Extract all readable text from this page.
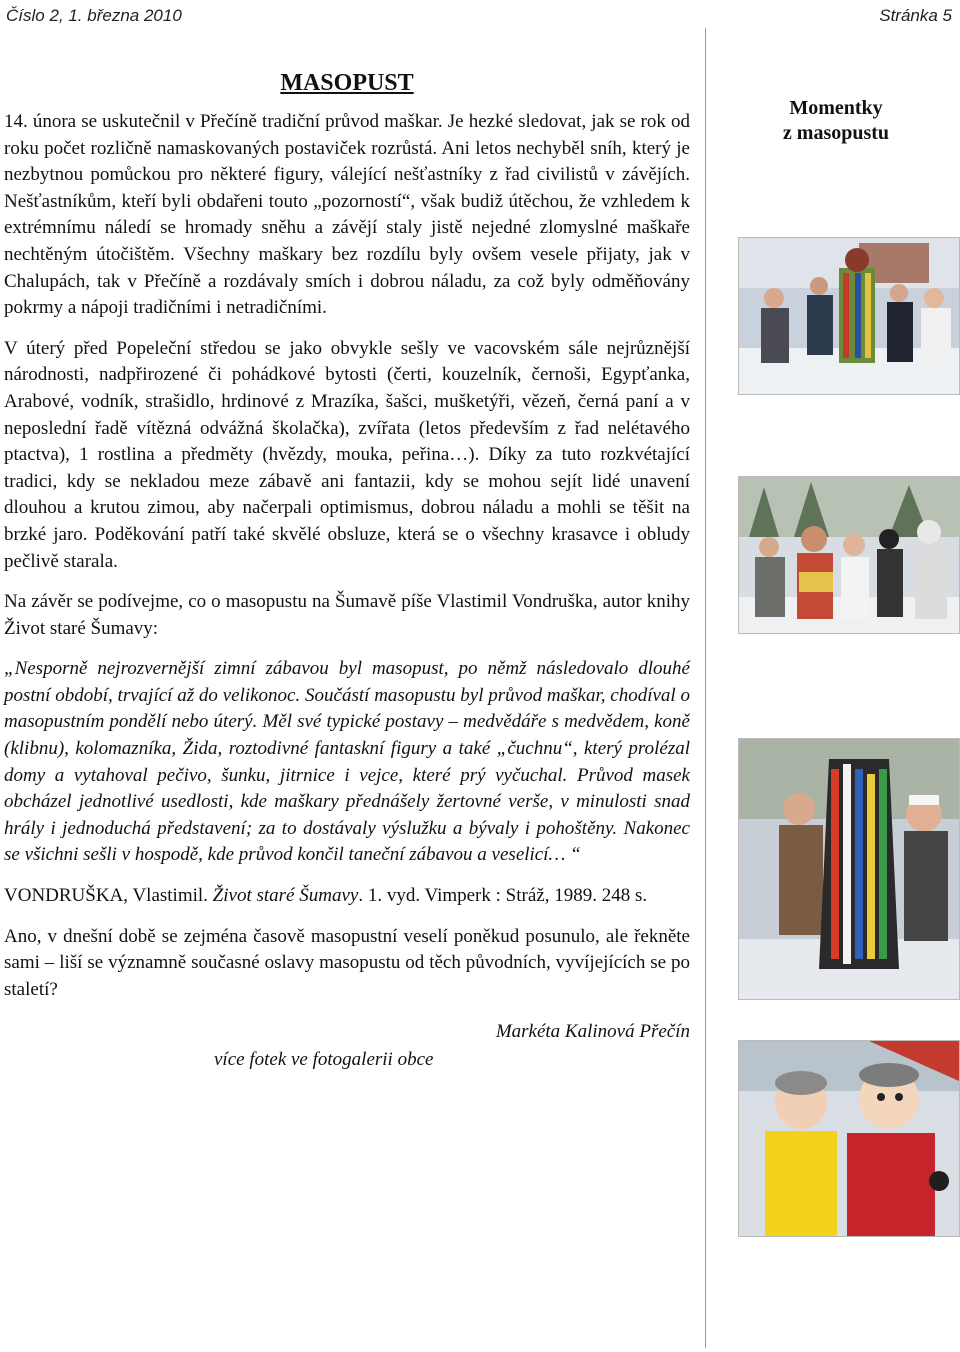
Číslo 2, 1. března 2010	Stránka 5
MASOPUST

14. února se uskutečnil v Přečíně tradiční průvod maškar. Je hezké sledovat, jak se rok od roku počet rozličně namaskovaných postaviček rozrůstá. Ani letos nechyběl sníh, který je nezbytnou pomůckou pro některé figury, válející nešťastníky z řad civilistů v závějích. Nešťastníkům, kteří byli obdařeni touto „pozorností“, však budiž útěchou, že vzhledem k extrémnímu náledí se hromady sněhu a závějí staly jistě nejedné zlomyslné maškaře nechtěným útočištěm. Všechny maškary bez rozdílu byly ovšem vesele přijaty, jak v Chalupách, tak v Přečíně a rozdávaly smích i dobrou náladu, za což byly odměňovány pokrmy a nápoji tradičními i netradičními.

V úterý před Popeleční středou se jako obvykle sešly ve vacovském sále nejrůznější národnosti, nadpřirozené či pohádkové bytosti (čerti, kouzelník, černoši, Egypťanka, Arabové, vodník, strašidlo, hrdinové z Mrazíka, šašci, mušketýři, vězeň, černá paní a v neposlední řadě vítězná odvážná školačka), zvířata (letos především z řad nelétavého ptactva), 1 rostlina a předměty (hvězdy, mouka, peřina…). Díky za tuto rozkvétající tradici, kdy se nekladou meze zábavě ani fantazii, kdy se mohou sejít lidé unavení dlouhou a krutou zimou, aby načerpali optimismus, dobrou náladu a mohli se těšit na brzké jaro. Poděkování patří také skvělé obsluze, která se o všechny krasavce i obludy pečlivě starala.

Na závěr se podívejme, co o masopustu na Šumavě píše Vlastimil Vondruška, autor knihy Život staré Šumavy:

„Nesporně nejrozvernější zimní zábavou byl masopust, po němž následovalo dlouhé postní období, trvající až do velikonoc. Součástí masopustu byl průvod maškar, chodíval o masopustním pondělí nebo úterý. Měl své typické postavy – medvědáře s medvědem, koně (klibnu), kolomazníka, Žida, roztodivné fantaskní figury a také „čuchnu“, který prolézal domy a vytahoval pečivo, šunku, jitrnice i vejce, které prý vyčuchal. Průvod masek obcházel jednotlivé usedlosti, kde maškary přednášely žertovné verše, v minulosti snad hrály i jednoduchá představení; za to dostávaly výslužku a bývaly i pohoštěny. Nakonec se všichni sešli v hospodě, kde průvod končil taneční zábavou a veselicí… “

VONDRUŠKA, Vlastimil. Život staré Šumavy. 1. vyd. Vimperk : Stráž, 1989. 248 s.

Ano, v dnešní době se zejména časově masopustní veselí poněkud posunulo, ale řekněte sami – liší se významně současné oslavy masopustu od těch původních, vyvíjejících se po staletí?

Markéta Kalinová Přečín
více fotek ve fotogalerii obce
Momentky
z masopustu
